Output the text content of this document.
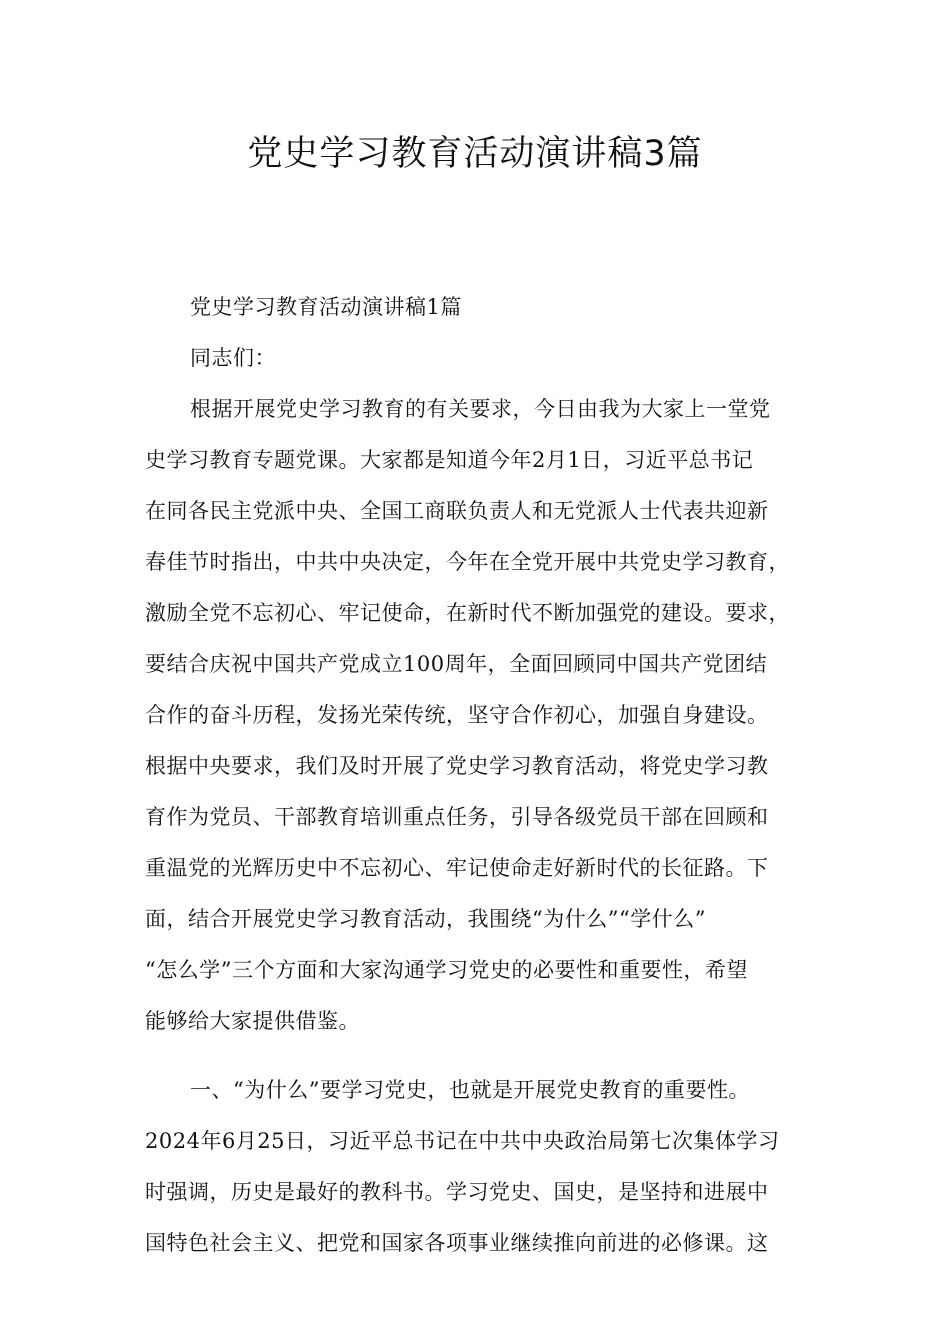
党史学习教育活动演讲稿3篇
党史学习教育活动演讲稿1篇
同志们：
根据开展党史学习教育的有关要求，今日由我为大家上一堂党
史学习教育专题党课。大家都是知道今年2月1日，习近平总书记
在同各民主党派中央、全国工商联负责人和无党派人士代表共迎新
春佳节时指出，中共中央决定，今年在全党开展中共党史学习教育，
激励全党不忘初心、牢记使命，在新时代不断加强党的建设。要求，
要结合庆祝中国共产党成立100周年，全面回顾同中国共产党团结
合作的奋斗历程，发扬光荣传统，坚守合作初心，加强自身建设。
根据中央要求，我们及时开展了党史学习教育活动，将党史学习教
育作为党员、干部教育培训重点任务，引导各级党员干部在回顾和
重温党的光辉历史中不忘初心、牢记使命走好新时代的长征路。下
面，结合开展党史学习教育活动，我围绕“为什么”“学什么”
“怎么学”三个方面和大家沟通学习党史的必要性和重要性，希望
能够给大家提供借鉴。
一、“为什么”要学习党史，也就是开展党史教育的重要性。
2024年6月25日，习近平总书记在中共中央政治局第七次集体学习
时强调，历史是最好的教科书。学习党史、国史，是坚持和进展中
国特色社会主义、把党和国家各项事业继续推向前进的必修课。这
